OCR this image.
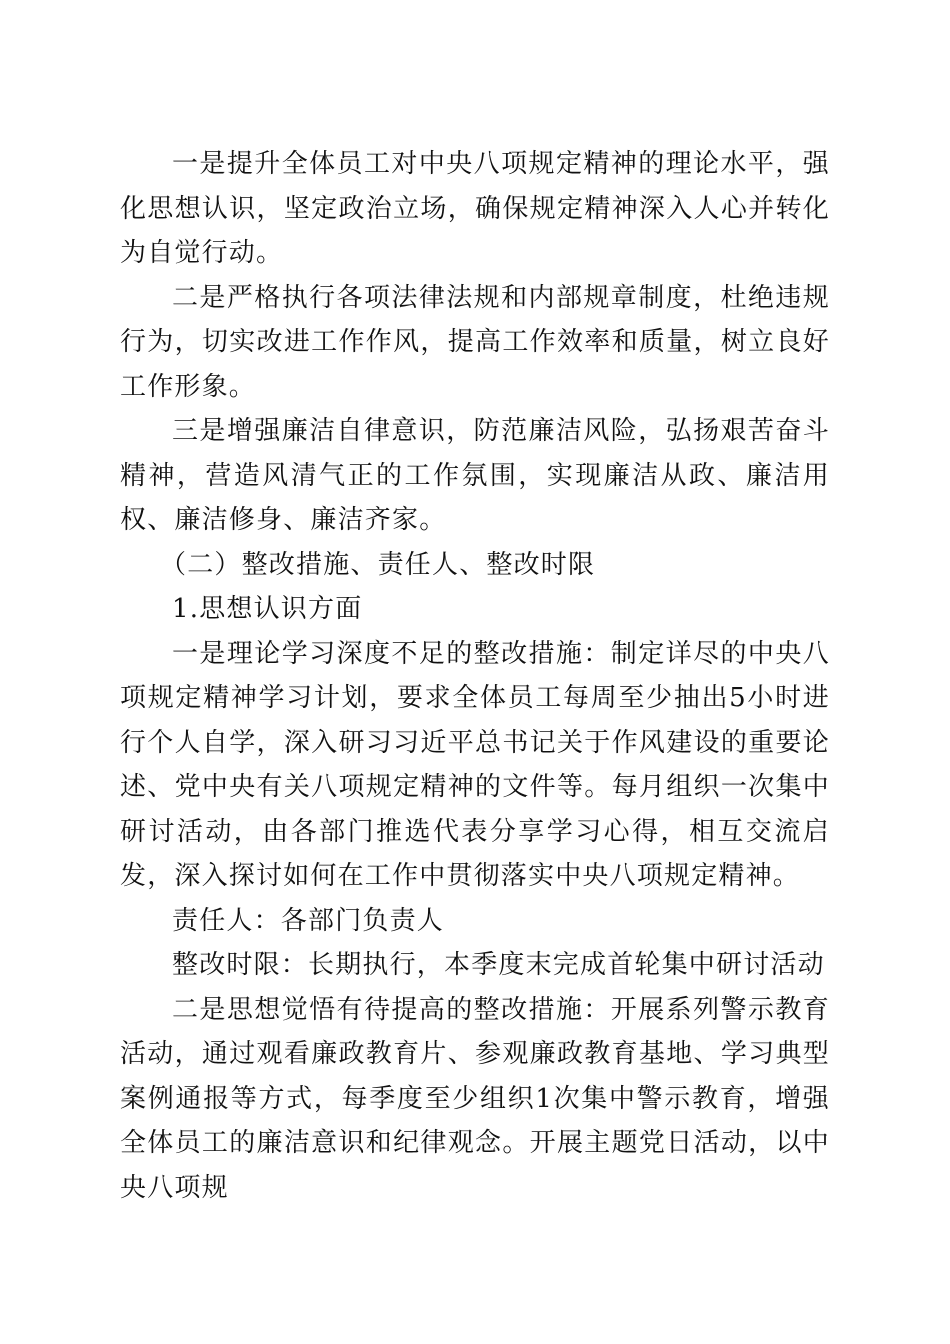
一是提升全体员工对中央八项规定精神的理论水平，强化思想认识，坚定政治立场，确保规定精神深入人心并转化为自觉行动。

二是严格执行各项法律法规和内部规章制度，杜绝违规行为，切实改进工作作风，提高工作效率和质量，树立良好工作形象。

三是增强廉洁自律意识，防范廉洁风险，弘扬艰苦奋斗精神，营造风清气正的工作氛围，实现廉洁从政、廉洁用权、廉洁修身、廉洁齐家。

（二）整改措施、责任人、整改时限

1.思想认识方面

一是理论学习深度不足的整改措施：制定详尽的中央八项规定精神学习计划，要求全体员工每周至少抽出5小时进行个人自学，深入研习习近平总书记关于作风建设的重要论述、党中央有关八项规定精神的文件等。每月组织一次集中研讨活动，由各部门推选代表分享学习心得，相互交流启发，深入探讨如何在工作中贯彻落实中央八项规定精神。

责任人：各部门负责人

整改时限：长期执行，本季度末完成首轮集中研讨活动

二是思想觉悟有待提高的整改措施：开展系列警示教育活动，通过观看廉政教育片、参观廉政教育基地、学习典型案例通报等方式，每季度至少组织1次集中警示教育，增强全体员工的廉洁意识和纪律观念。开展主题党日活动，以中央八项规
